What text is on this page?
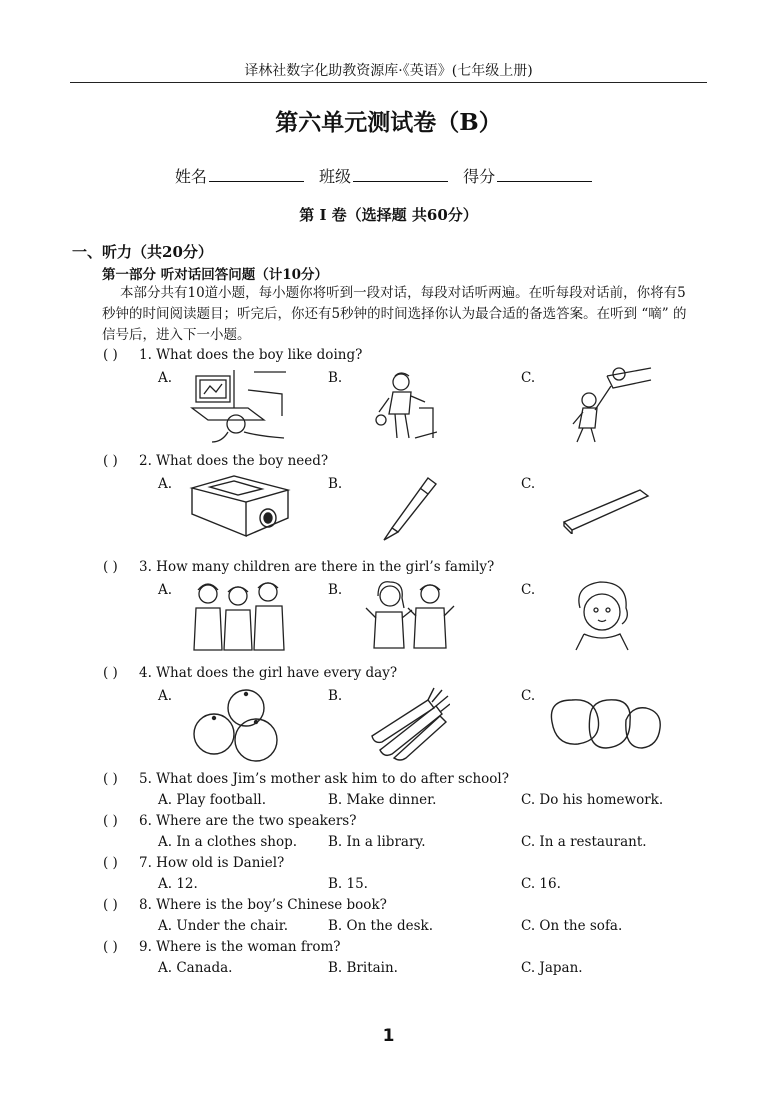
译林社数字化助教资源库·《英语》(七年级上册)
第六单元测试卷（B）
姓名	班级	得分
第 I 卷（选择题 共60分）
一、听力（共20分）
第一部分 听对话回答问题（计10分）
本部分共有10道小题，每小题你将听到一段对话，每段对话听两遍。在听每段对话前，你将有5秒钟的时间阅读题目；听完后，你还有5秒钟的时间选择你认为最合适的备选答案。在听到 “嘀” 的信号后，进入下一小题。
( ) 1. What does the boy like doing?
A.	B.	C.
( ) 2. What does the boy need?
A.	B.	C.
( ) 3. How many children are there in the girl’s family?
A.	B.	C.
( ) 4. What does the girl have every day?
A.	B.	C.
( ) 5. What does Jim’s mother ask him to do after school?
A. Play football.	B. Make dinner.	C. Do his homework.
( ) 6. Where are the two speakers?
A. In a clothes shop. B. In a library.	C. In a restaurant.
( ) 7. How old is Daniel?
A. 12.	B. 15.	C. 16.
( ) 8. Where is the boy’s Chinese book?
A. Under the chair.	B. On the desk.	C. On the sofa.
( ) 9. Where is the woman from?
A. Canada.	B. Britain.	C. Japan.
1
